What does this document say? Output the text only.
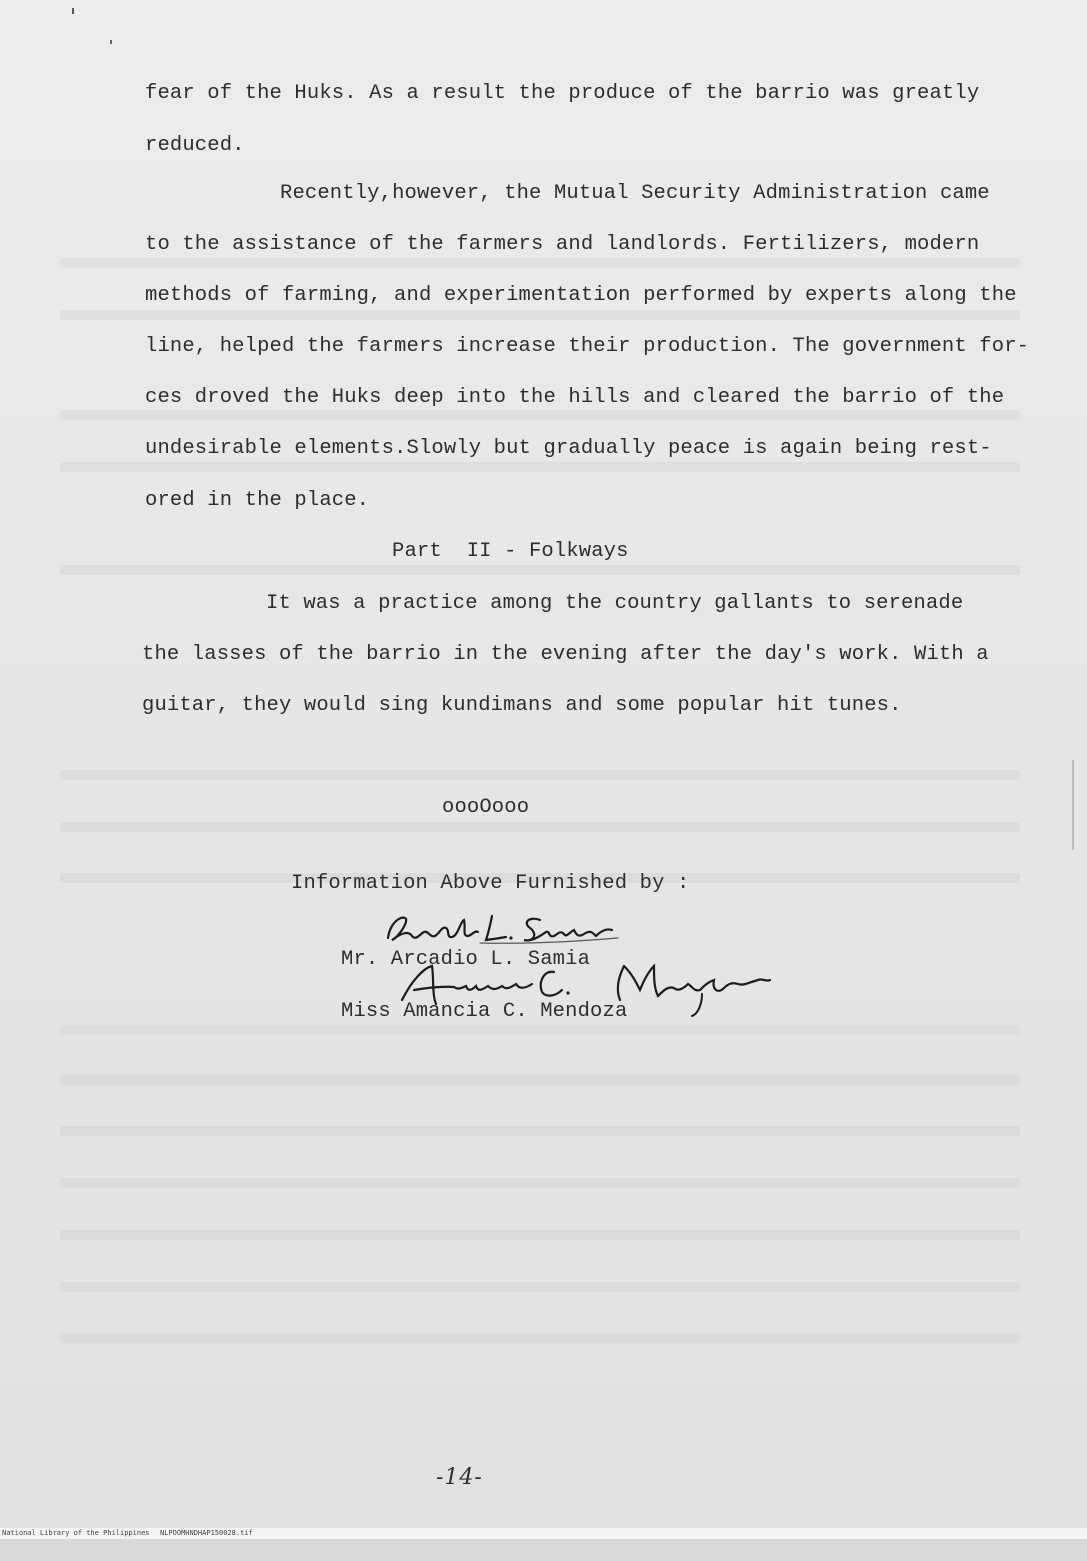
fear of the Huks. As a result the produce of the barrio was greatly
reduced.
Recently,however, the Mutual Security Administration came
to the assistance of the farmers and landlords. Fertilizers, modern
methods of farming, and experimentation performed by experts along the
line, helped the farmers increase their production. The government for-
ces droved the Huks deep into the hills and cleared the barrio of the
undesirable elements.Slowly but gradually peace is again being rest-
ored in the place.
Part  II - Folkways
It was a practice among the country gallants to serenade
the lasses of the barrio in the evening after the day's work. With a
guitar, they would sing kundimans and some popular hit tunes.
oooOooo
Information Above Furnished by :
Mr. Arcadio L. Samia
Miss Amancia C. Mendoza
-14-

National Library of the Philippines

NLPOOMHNDHAP150028.tif
